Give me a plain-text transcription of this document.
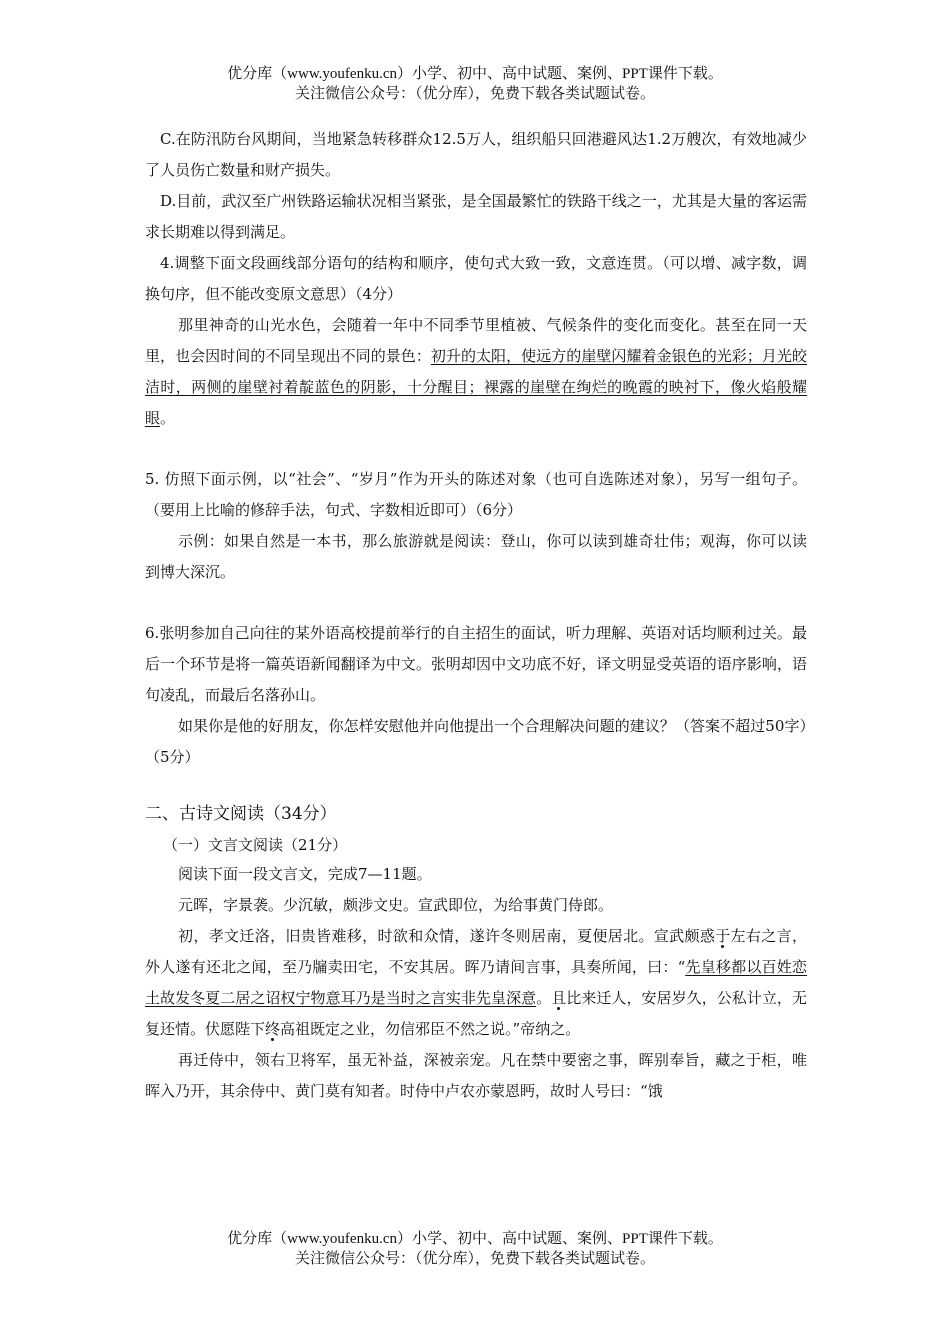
优分库（www.youfenku.cn）小学、初中、高中试题、案例、PPT课件下载。
关注微信公众号：（优分库），免费下载各类试题试卷。

C.在防汛防台风期间，当地紧急转移群众12.5万人，组织船只回港避风达1.2万艘次，有效地减少了人员伤亡数量和财产损失。

D.目前，武汉至广州铁路运输状况相当紧张，是全国最繁忙的铁路干线之一，尤其是大量的客运需求长期难以得到满足。

4.调整下面文段画线部分语句的结构和顺序，使句式大致一致，文意连贯。（可以增、减字数，调换句序，但不能改变原文意思）（4分）

那里神奇的山光水色，会随着一年中不同季节里植被、气候条件的变化而变化。甚至在同一天里，也会因时间的不同呈现出不同的景色：初升的太阳，使远方的崖壁闪耀着金银色的光彩；月光皎洁时，两侧的崖壁衬着靛蓝色的阴影，十分醒目；裸露的崖壁在绚烂的晚霞的映衬下，像火焰般耀眼。

5. 仿照下面示例，以“社会”、“岁月”作为开头的陈述对象（也可自选陈述对象），另写一组句子。（要用上比喻的修辞手法，句式、字数相近即可）（6分）

示例：如果自然是一本书，那么旅游就是阅读：登山，你可以读到雄奇壮伟；观海，你可以读到博大深沉。

6.张明参加自己向往的某外语高校提前举行的自主招生的面试，听力理解、英语对话均顺利过关。最后一个环节是将一篇英语新闻翻译为中文。张明却因中文功底不好，译文明显受英语的语序影响，语句凌乱，而最后名落孙山。

如果你是他的好朋友，你怎样安慰他并向他提出一个合理解决问题的建议？（答案不超过50字）（5分）

二、古诗文阅读（34分）

（一）文言文阅读（21分）

阅读下面一段文言文，完成7—11题。

元晖，字景袭。少沉敏，颇涉文史。宣武即位，为给事黄门侍郎。

初，孝文迁洛，旧贵皆难移，时欲和众情，遂许冬则居南，夏便居北。宣武颇惑于左右之言，外人遂有还北之闻，至乃牖卖田宅，不安其居。晖乃请间言事，具奏所闻，曰：“先皇移都以百姓恋土故发冬夏二居之诏权宁物意耳乃是当时之言实非先皇深意。且比来迁人，安居岁久，公私计立，无复还情。伏愿陛下终高祖既定之业，勿信邪臣不然之说。”帝纳之。

再迁侍中，领右卫将军，虽无补益，深被亲宠。凡在禁中要密之事，晖别奉旨，藏之于柜，唯晖入乃开，其余侍中、黄门莫有知者。时侍中卢农亦蒙恩眄，故时人号曰：“饿

优分库（www.youfenku.cn）小学、初中、高中试题、案例、PPT课件下载。
关注微信公众号：（优分库），免费下载各类试题试卷。
